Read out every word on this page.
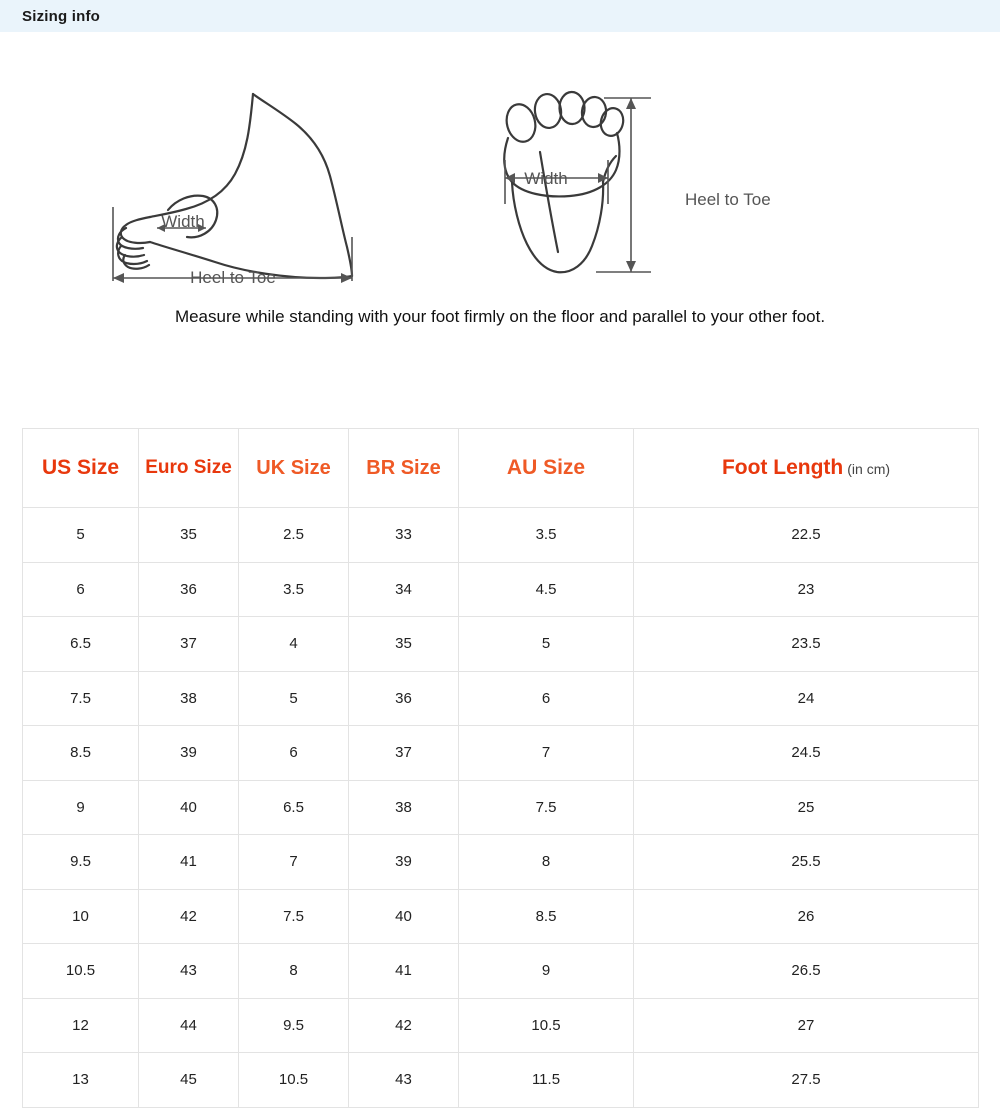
Sizing info
Width
Heel to Toe
Width
Heel to Toe
Measure while standing with your foot firmly on the floor and parallel to your other foot.
US Size	Euro Size	UK Size	BR Size	AU Size	Foot Length (in cm)
5	35	2.5	33	3.5	22.5
6	36	3.5	34	4.5	23
6.5	37	4	35	5	23.5
7.5	38	5	36	6	24
8.5	39	6	37	7	24.5
9	40	6.5	38	7.5	25
9.5	41	7	39	8	25.5
10	42	7.5	40	8.5	26
10.5	43	8	41	9	26.5
12	44	9.5	42	10.5	27
13	45	10.5	43	11.5	27.5
